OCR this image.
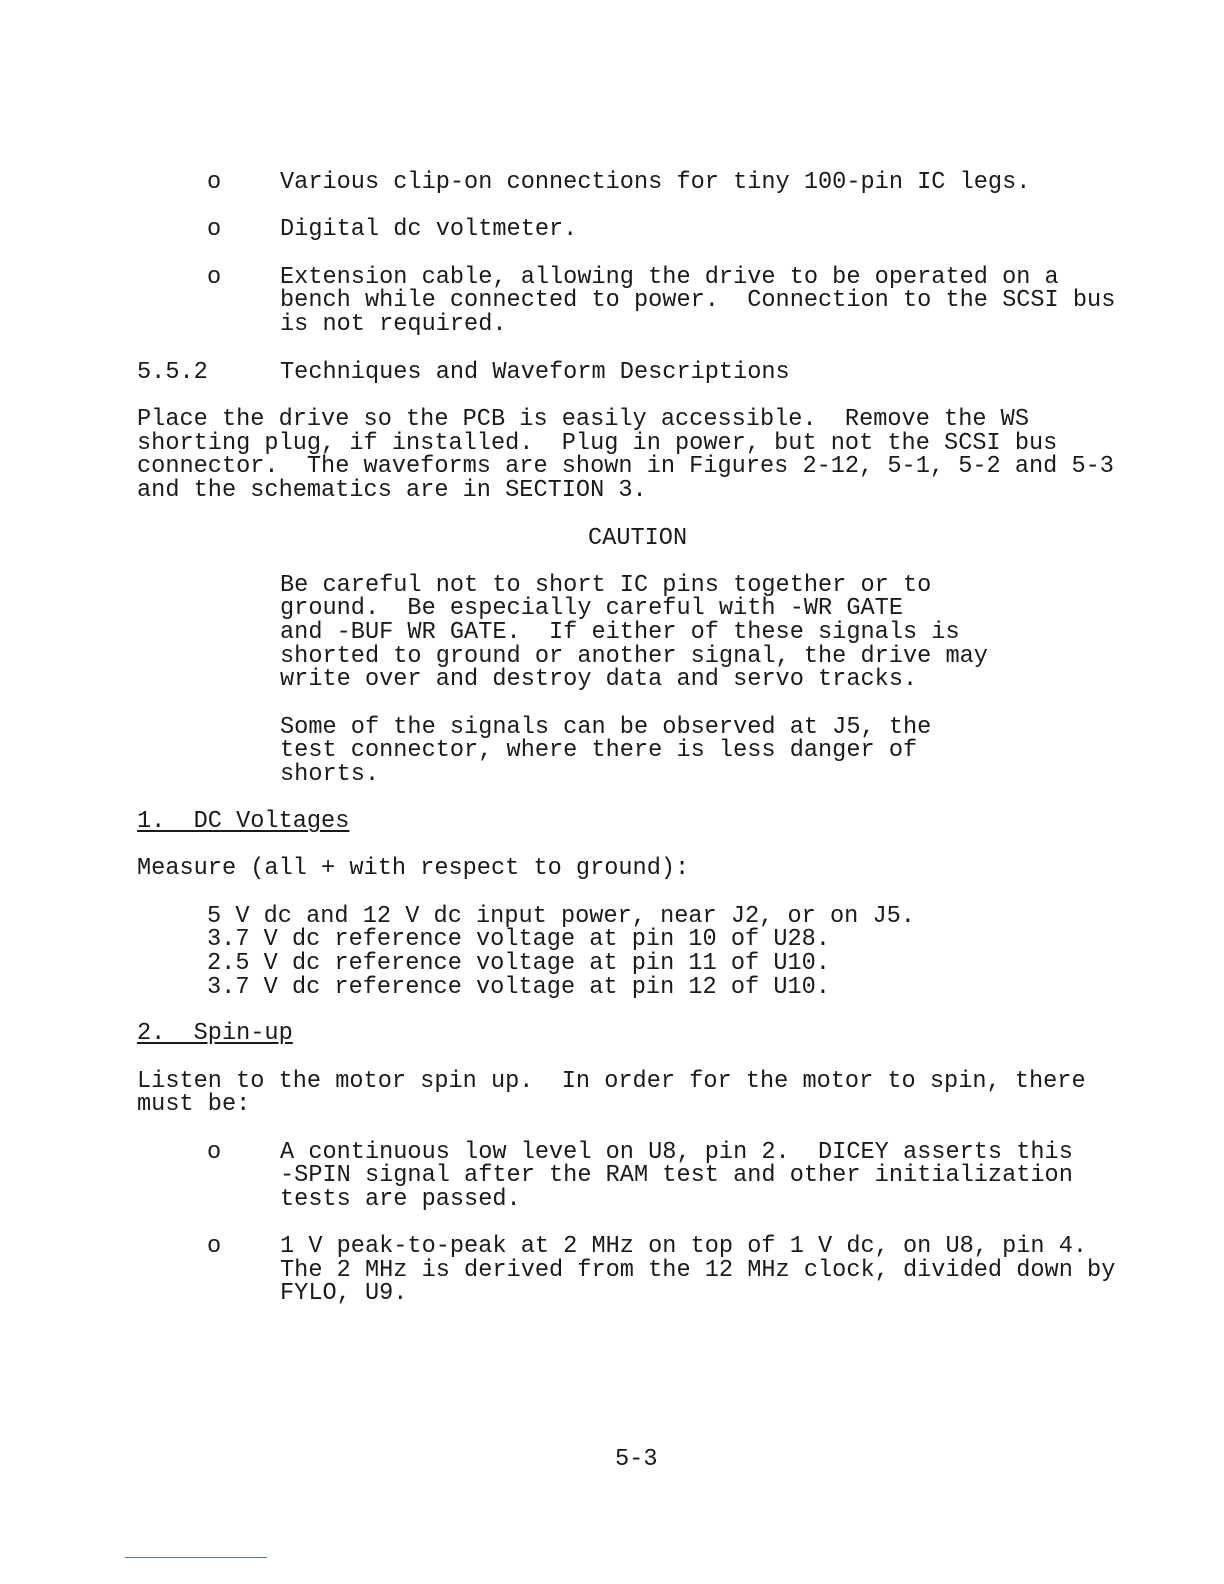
o Various clip-on connections for tiny 100-pin IC legs.

o Digital dc voltmeter.

o Extension cable, allowing the drive to be operated on a

bench while connected to power.  Connection to the SCSI bus

is not required.

5.5.2	Techniques and Waveform Descriptions

Place the drive so the PCB is easily accessible.  Remove the WS

shorting plug, if installed.  Plug in power, but not the SCSI bus

connector.  The waveforms are shown in Figures 2-12, 5-1, 5-2 and 5-3

and the schematics are in SECTION 3.

CAUTION

Be careful not to short IC pins together or to

ground.  Be especially careful with -WR GATE

and -BUF WR GATE.  If either of these signals is

shorted to ground or another signal, the drive may

write over and destroy data and servo tracks.

Some of the signals can be observed at J5, the

test connector, where there is less danger of

shorts.

1.  DC Voltages

Measure (all + with respect to ground):

5 V dc and 12 V dc input power, near J2, or on J5.

3.7 V dc reference voltage at pin 10 of U28.

2.5 V dc reference voltage at pin 11 of U10.

3.7 V dc reference voltage at pin 12 of U10.

2.  Spin-up

Listen to the motor spin up.  In order for the motor to spin, there

must be:

o A continuous low level on U8, pin 2.  DICEY asserts this

-SPIN signal after the RAM test and other initialization

tests are passed.

o 1 V peak-to-peak at 2 MHz on top of 1 V dc, on U8, pin 4.

The 2 MHz is derived from the 12 MHz clock, divided down by

FYLO, U9.

5-3
